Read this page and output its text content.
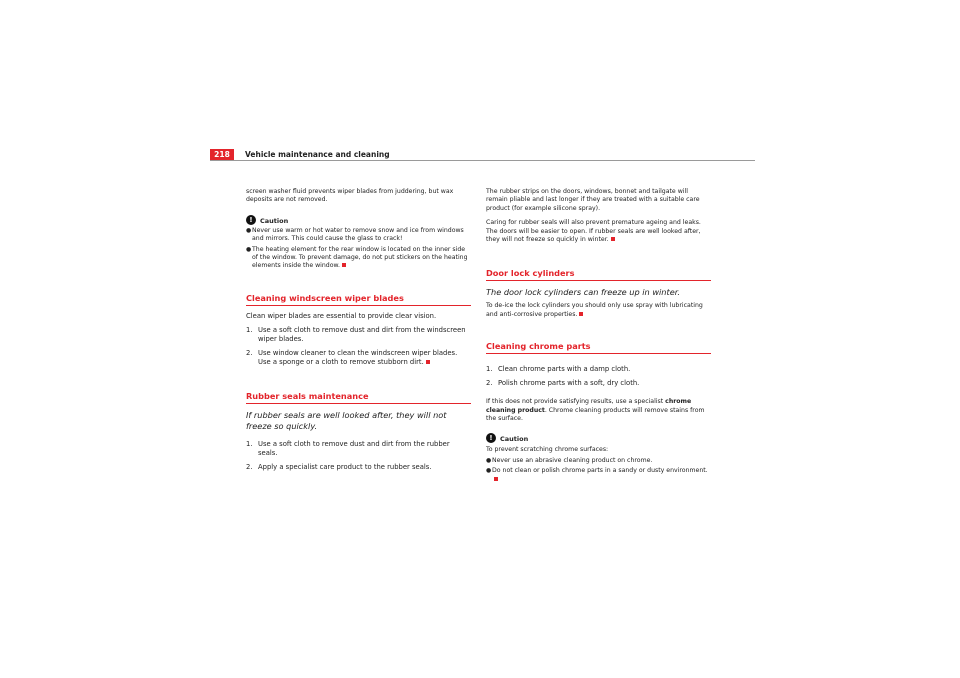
218	Vehicle maintenance and cleaning

screen washer fluid prevents wiper blades from juddering, but wax deposits are not removed.

!	Caution
● Never use warm or hot water to remove snow and ice from windows and mirrors. This could cause the glass to crack!

● The heating element for the rear window is located on the inner side of the window. To prevent damage, do not put stickers on the heating elements inside the window.

Cleaning windscreen wiper blades

Clean wiper blades are essential to provide clear vision.

1. Use a soft cloth to remove dust and dirt from the windscreen wiper blades.
2. Use window cleaner to clean the windscreen wiper blades. Use a sponge or a cloth to remove stubborn dirt.
Rubber seals maintenance
If rubber seals are well looked after, they will not freeze so quickly.
1. Use a soft cloth to remove dust and dirt from the rubber seals.
2. Apply a specialist care product to the rubber seals.

The rubber strips on the doors, windows, bonnet and tailgate will remain pliable and last longer if they are treated with a suitable care product (for example silicone spray).

Caring for rubber seals will also prevent premature ageing and leaks. The doors will be easier to open. If rubber seals are well looked after, they will not freeze so quickly in winter.

Door lock cylinders
The door lock cylinders can freeze up in winter.

To de-ice the lock cylinders you should only use spray with lubricating and anti-corrosive properties.

Cleaning chrome parts
1. Clean chrome parts with a damp cloth.
2. Polish chrome parts with a soft, dry cloth.

If this does not provide satisfying results, use a specialist chrome cleaning product. Chrome cleaning products will remove stains from the surface.

!	Caution

To prevent scratching chrome surfaces:

● Never use an abrasive cleaning product on chrome.

● Do not clean or polish chrome parts in a sandy or dusty environment.
